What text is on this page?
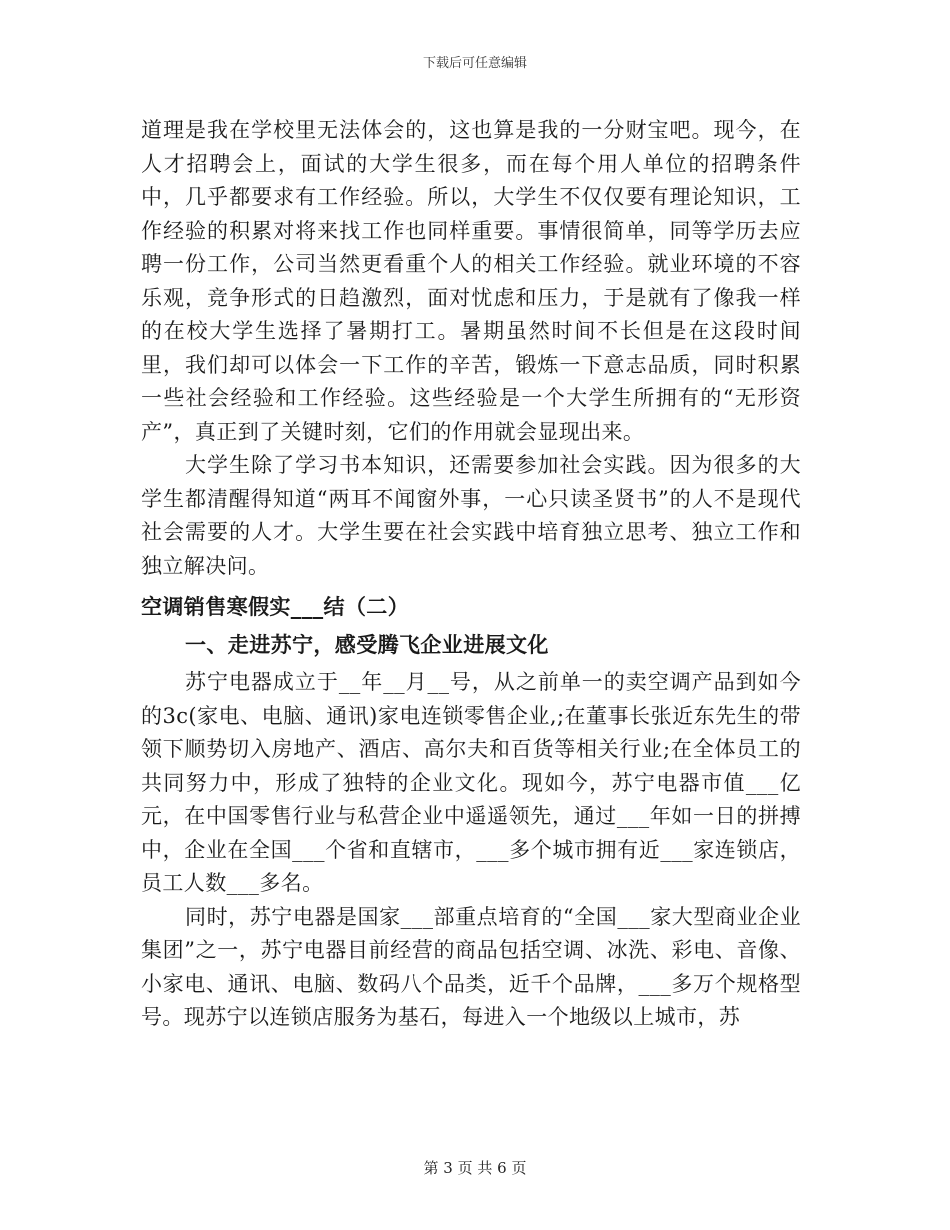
下载后可任意编辑

道理是我在学校里无法体会的，这也算是我的一分财宝吧。现今，在人才招聘会上，面试的大学生很多，而在每个用人单位的招聘条件中，几乎都要求有工作经验。所以，大学生不仅仅要有理论知识，工作经验的积累对将来找工作也同样重要。事情很简单，同等学历去应聘一份工作，公司当然更看重个人的相关工作经验。就业环境的不容乐观，竞争形式的日趋激烈，面对忧虑和压力，于是就有了像我一样的在校大学生选择了暑期打工。暑期虽然时间不长但是在这段时间里，我们却可以体会一下工作的辛苦，锻炼一下意志品质，同时积累一些社会经验和工作经验。这些经验是一个大学生所拥有的“无形资产”，真正到了关键时刻，它们的作用就会显现出来。

大学生除了学习书本知识，还需要参加社会实践。因为很多的大学生都清醒得知道“两耳不闻窗外事，一心只读圣贤书”的人不是现代社会需要的人才。大学生要在社会实践中培育独立思考、独立工作和独立解决问。

空调销售寒假实___结（二）

一、走进苏宁，感受腾飞企业进展文化

苏宁电器成立于__年__月__号，从之前单一的卖空调产品到如今的3c(家电、电脑、通讯)家电连锁零售企业,;在董事长张近东先生的带领下顺势切入房地产、酒店、高尔夫和百货等相关行业;在全体员工的共同努力中，形成了独特的企业文化。现如今，苏宁电器市值___亿元，在中国零售行业与私营企业中遥遥领先，通过___年如一日的拼搏中，企业在全国___个省和直辖市，___多个城市拥有近___家连锁店，员工人数___多名。

同时，苏宁电器是国家___部重点培育的“全国___家大型商业企业集团”之一，苏宁电器目前经营的商品包括空调、冰洗、彩电、音像、小家电、通讯、电脑、数码八个品类，近千个品牌，___多万个规格型号。现苏宁以连锁店服务为基石，每进入一个地级以上城市，苏

第 3 页 共 6 页
